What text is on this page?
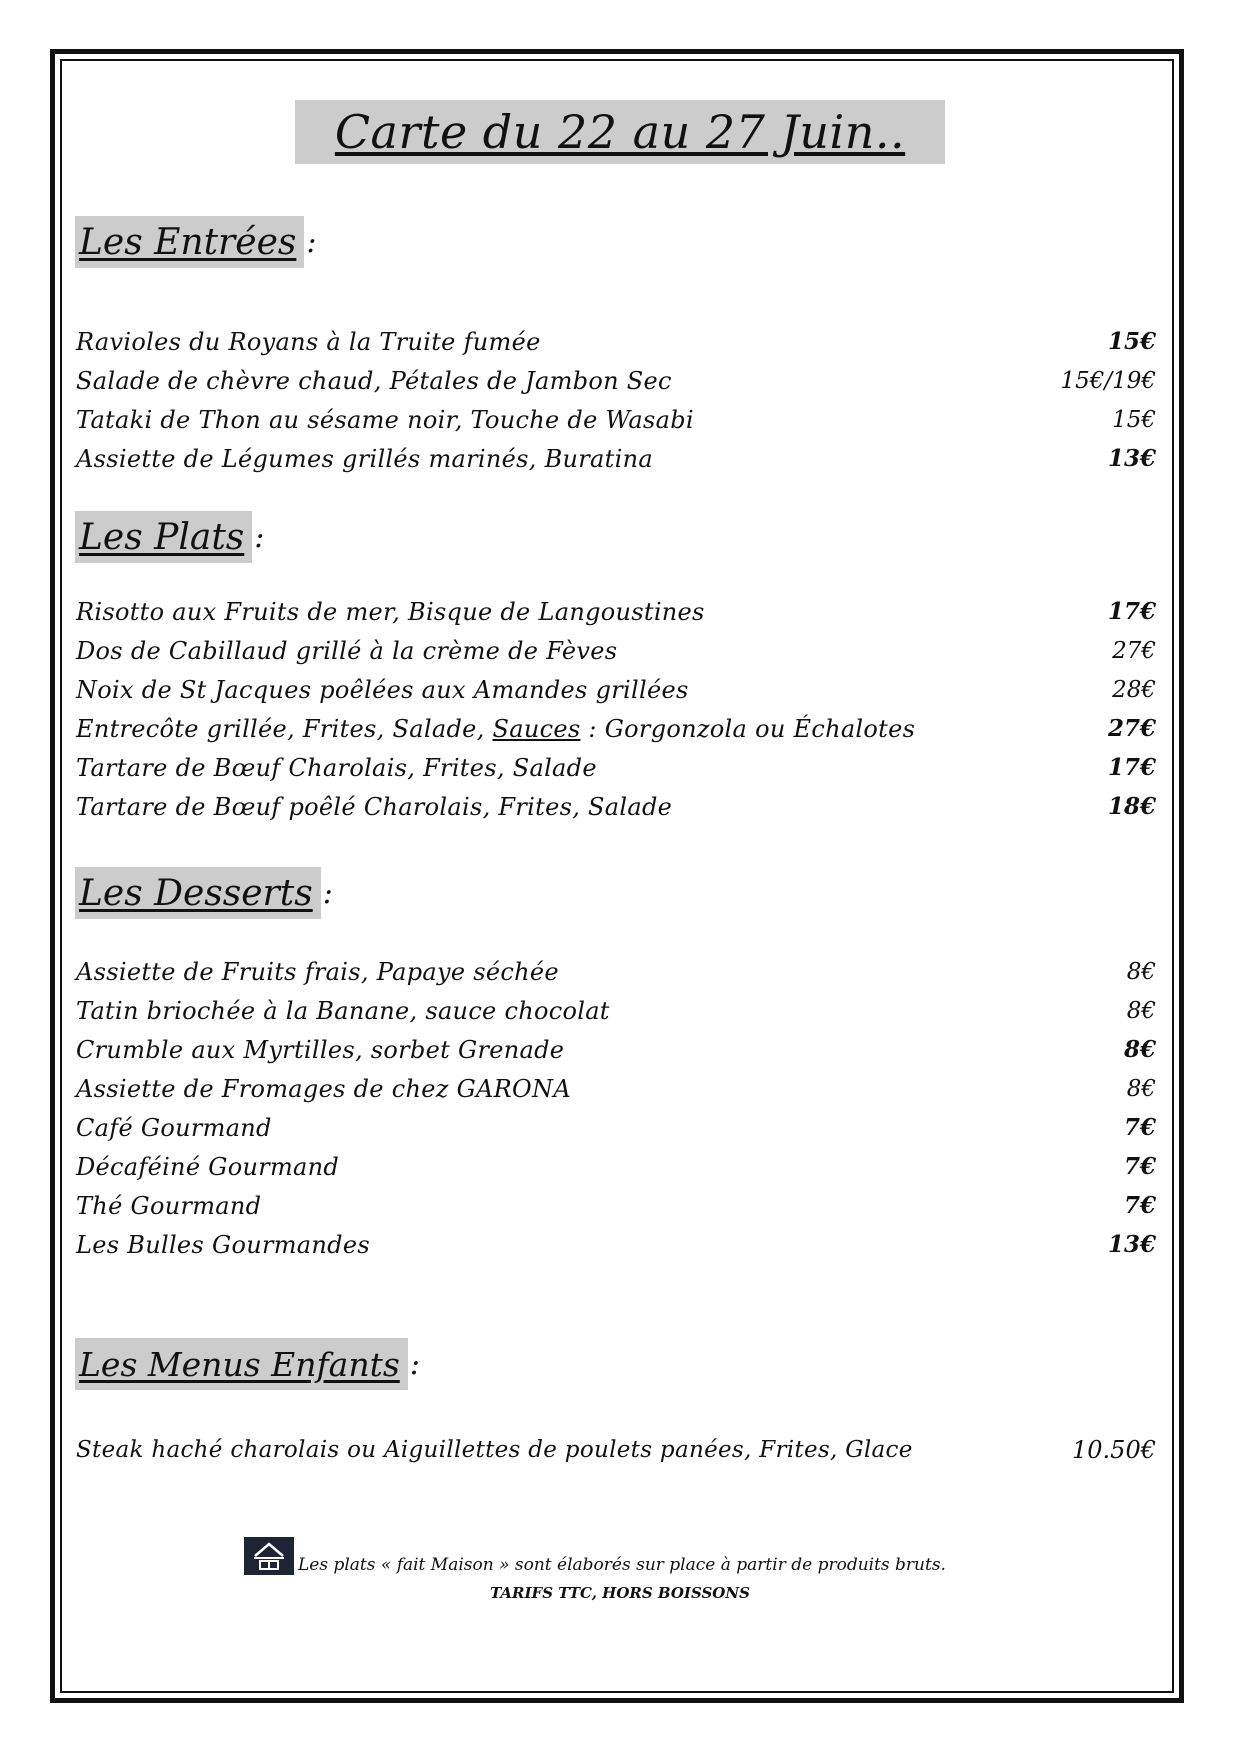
Carte du 22 au 27 Juin..
Les Entrées :
Ravioles du Royans à la Truite fumée	15€
Salade de chèvre chaud, Pétales de Jambon Sec	15€/19€
Tataki de Thon au sésame noir, Touche de Wasabi	15€
Assiette de Légumes grillés marinés, Buratina	13€
Les Plats :
Risotto aux Fruits de mer, Bisque de Langoustines	17€
Dos de Cabillaud grillé à la crème de Fèves	27€
Noix de St Jacques poêlées aux Amandes grillées	28€
Entrecôte grillée, Frites, Salade, Sauces : Gorgonzola ou Échalotes	27€
Tartare de Bœuf Charolais, Frites, Salade	17€
Tartare de Bœuf poêlé Charolais, Frites, Salade	18€
Les Desserts :
Assiette de Fruits frais, Papaye séchée	8€
Tatin briochée à la Banane, sauce chocolat	8€
Crumble aux Myrtilles, sorbet Grenade	8€
Assiette de Fromages de chez GARONA	8€
Café Gourmand	7€
Décaféiné Gourmand	7€
Thé Gourmand	7€
Les Bulles Gourmandes	13€
Les Menus Enfants :
Steak haché charolais ou Aiguillettes de poulets panées, Frites, Glace	10.50€
Les plats « fait Maison » sont élaborés sur place à partir de produits bruts.
TARIFS TTC, HORS BOISSONS
